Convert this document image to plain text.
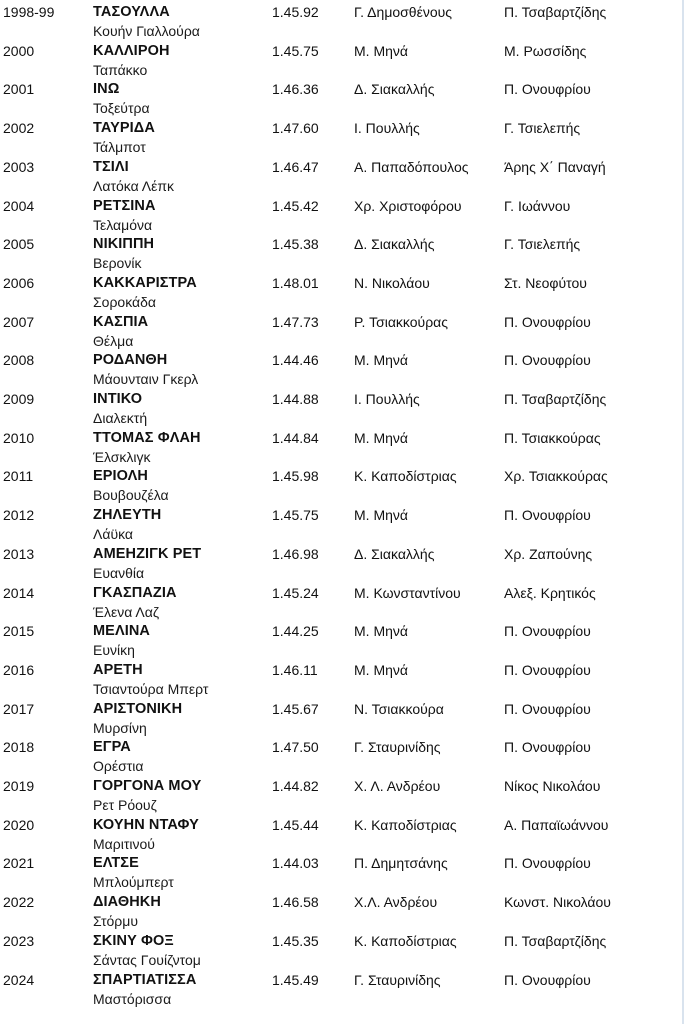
1998-99	ΤΑΣΟΥΛΛΑ	1.45.92	Γ. Δημοσθένους	Π. Τσαβαρτζίδης
Κουήν Γιαλλούρα
2000	ΚΑΛΛΙΡΟΗ	1.45.75	Μ. Μηνά	Μ. Ρωσσίδης
Ταπάκκο
2001	ΙΝΩ	1.46.36	Δ. Σιακαλλής	Π. Ονουφρίου
Τοξεύτρα
2002	ΤΑΥΡΙΔΑ	1.47.60	Ι. Πουλλής	Γ. Τσιελεπής
Τάλμποτ
2003	ΤΣΙΛΙ	1.46.47	Α. Παπαδόπουλος	Άρης Χ΄ Παναγή
Λατόκα Λέπκ
2004	ΡΕΤΣΙΝΑ	1.45.42	Χρ. Χριστοφόρου	Γ. Ιωάννου
Τελαμόνα
2005	ΝΙΚΙΠΠΗ	1.45.38	Δ. Σιακαλλής	Γ. Τσιελεπής
Βερονίκ
2006	ΚΑΚΚΑΡΙΣΤΡΑ	1.48.01	Ν. Νικολάου	Στ. Νεοφύτου
Σοροκάδα
2007	ΚΑΣΠΙΑ	1.47.73	Ρ. Τσιακκούρας	Π. Ονουφρίου
Θέλμα
2008	ΡΟΔΑΝΘΗ	1.44.46	Μ. Μηνά	Π. Ονουφρίου
Μάουνταιν Γκερλ
2009	ΙΝΤΙΚΟ	1.44.88	Ι. Πουλλής	Π. Τσαβαρτζίδης
Διαλεκτή
2010	ΤΤΟΜΑΣ ΦΛΑΗ	1.44.84	Μ. Μηνά	Π. Τσιακκούρας
Έλσκλιγκ
2011	ΕΡΙΟΛΗ	1.45.98	Κ. Καποδίστριας	Χρ. Τσιακκούρας
Βουβουζέλα
2012	ΖΗΛΕΥΤΗ	1.45.75	Μ. Μηνά	Π. Ονουφρίου
Λάϋκα
2013	ΑΜΕΗΖΙΓΚ ΡΕΤ	1.46.98	Δ. Σιακαλλής	Χρ. Ζαπούνης
Ευανθία
2014	ΓΚΑΣΠΑΖΙΑ	1.45.24	Μ. Κωνσταντίνου	Αλεξ. Κρητικός
Έλενα Λαζ
2015	ΜΕΛΙΝΑ	1.44.25	Μ. Μηνά	Π. Ονουφρίου
Ευνίκη
2016	ΑΡΕΤΗ	1.46.11	Μ. Μηνά	Π. Ονουφρίου
Τσιαντούρα Μπερτ
2017	ΑΡΙΣΤΟΝΙΚΗ	1.45.67	Ν. Τσιακκούρα	Π. Ονουφρίου
Μυρσίνη
2018	ΕΓΡΑ	1.47.50	Γ. Σταυρινίδης	Π. Ονουφρίου
Ορέστια
2019	ΓΟΡΓΟΝΑ ΜΟΥ	1.44.82	Χ. Λ. Ανδρέου	Νίκος Νικολάου
Ρετ Ρόουζ
2020	ΚΟΥΗΝ ΝΤΑΦΥ	1.45.44	Κ. Καποδίστριας	Α. Παπαϊωάννου
Μαριτινού
2021	ΕΛΤΣΕ	1.44.03	Π. Δημητσάνης	Π. Ονουφρίου
Μπλούμπερτ
2022	ΔΙΑΘΗΚΗ	1.46.58	Χ.Λ. Ανδρέου	Κωνστ. Νικολάου
Στόρμυ
2023	ΣΚΙΝΥ ΦΟΞ	1.45.35	Κ. Καποδίστριας	Π. Τσαβαρτζίδης
Σάντας Γουίζντομ
2024	ΣΠΑΡΤΙΑΤΙΣΣΑ	1.45.49	Γ. Σταυρινίδης	Π. Ονουφρίου
Μαστόρισσα
